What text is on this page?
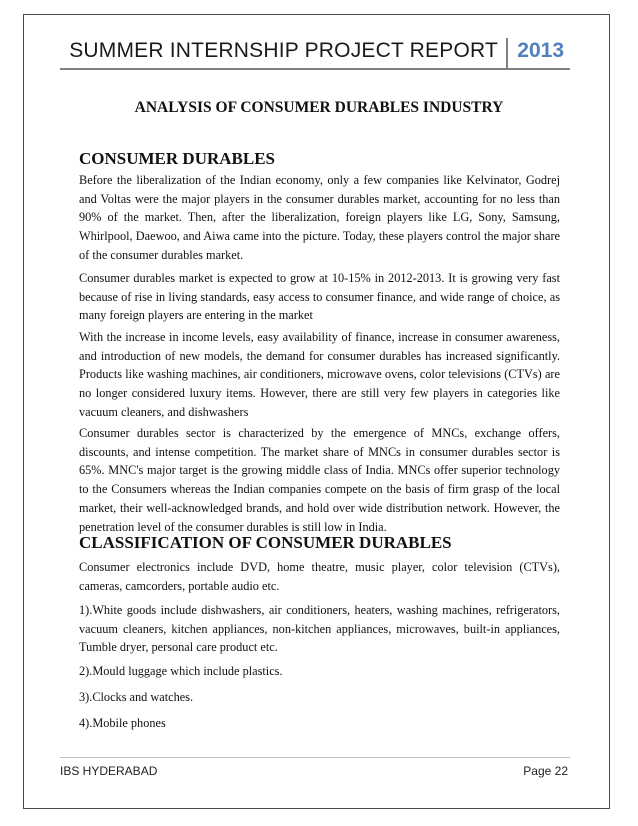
SUMMER INTERNSHIP PROJECT REPORT 2013
ANALYSIS OF CONSUMER DURABLES INDUSTRY
CONSUMER DURABLES

Before the liberalization of the Indian economy, only a few companies like Kelvinator, Godrej and Voltas were the major players in the consumer durables market, accounting for no less than 90% of the market. Then, after the liberalization, foreign players like LG, Sony, Samsung, Whirlpool, Daewoo, and Aiwa came into the picture. Today, these players control the major share of the consumer durables market.

Consumer durables market is expected to grow at 10-15% in 2012-2013. It is growing very fast because of rise in living standards, easy access to consumer finance, and wide range of choice, as many foreign players are entering in the market

With the increase in income levels, easy availability of finance, increase in consumer awareness, and introduction of new models, the demand for consumer durables has increased significantly. Products like washing machines, air conditioners, microwave ovens, color televisions (CTVs) are no longer considered luxury items. However, there are still very few players in categories like vacuum cleaners, and dishwashers

Consumer durables sector is characterized by the emergence of MNCs, exchange offers, discounts, and intense competition. The market share of MNCs in consumer durables sector is 65%. MNC's major target is the growing middle class of India. MNCs offer superior technology to the Consumers whereas the Indian companies compete on the basis of firm grasp of the local market, their well-acknowledged brands, and hold over wide distribution network. However, the penetration level of the consumer durables is still low in India.

CLASSIFICATION OF CONSUMER DURABLES

Consumer electronics include DVD, home theatre, music player, color television (CTVs), cameras, camcorders, portable audio etc.

1).White goods include dishwashers, air conditioners, heaters, washing machines, refrigerators, vacuum cleaners, kitchen appliances, non-kitchen appliances, microwaves, built-in appliances, Tumble dryer, personal care product etc.
2).Mould luggage which include plastics.
3).Clocks and watches.
4).Mobile phones
IBS HYDERABAD	Page 22
